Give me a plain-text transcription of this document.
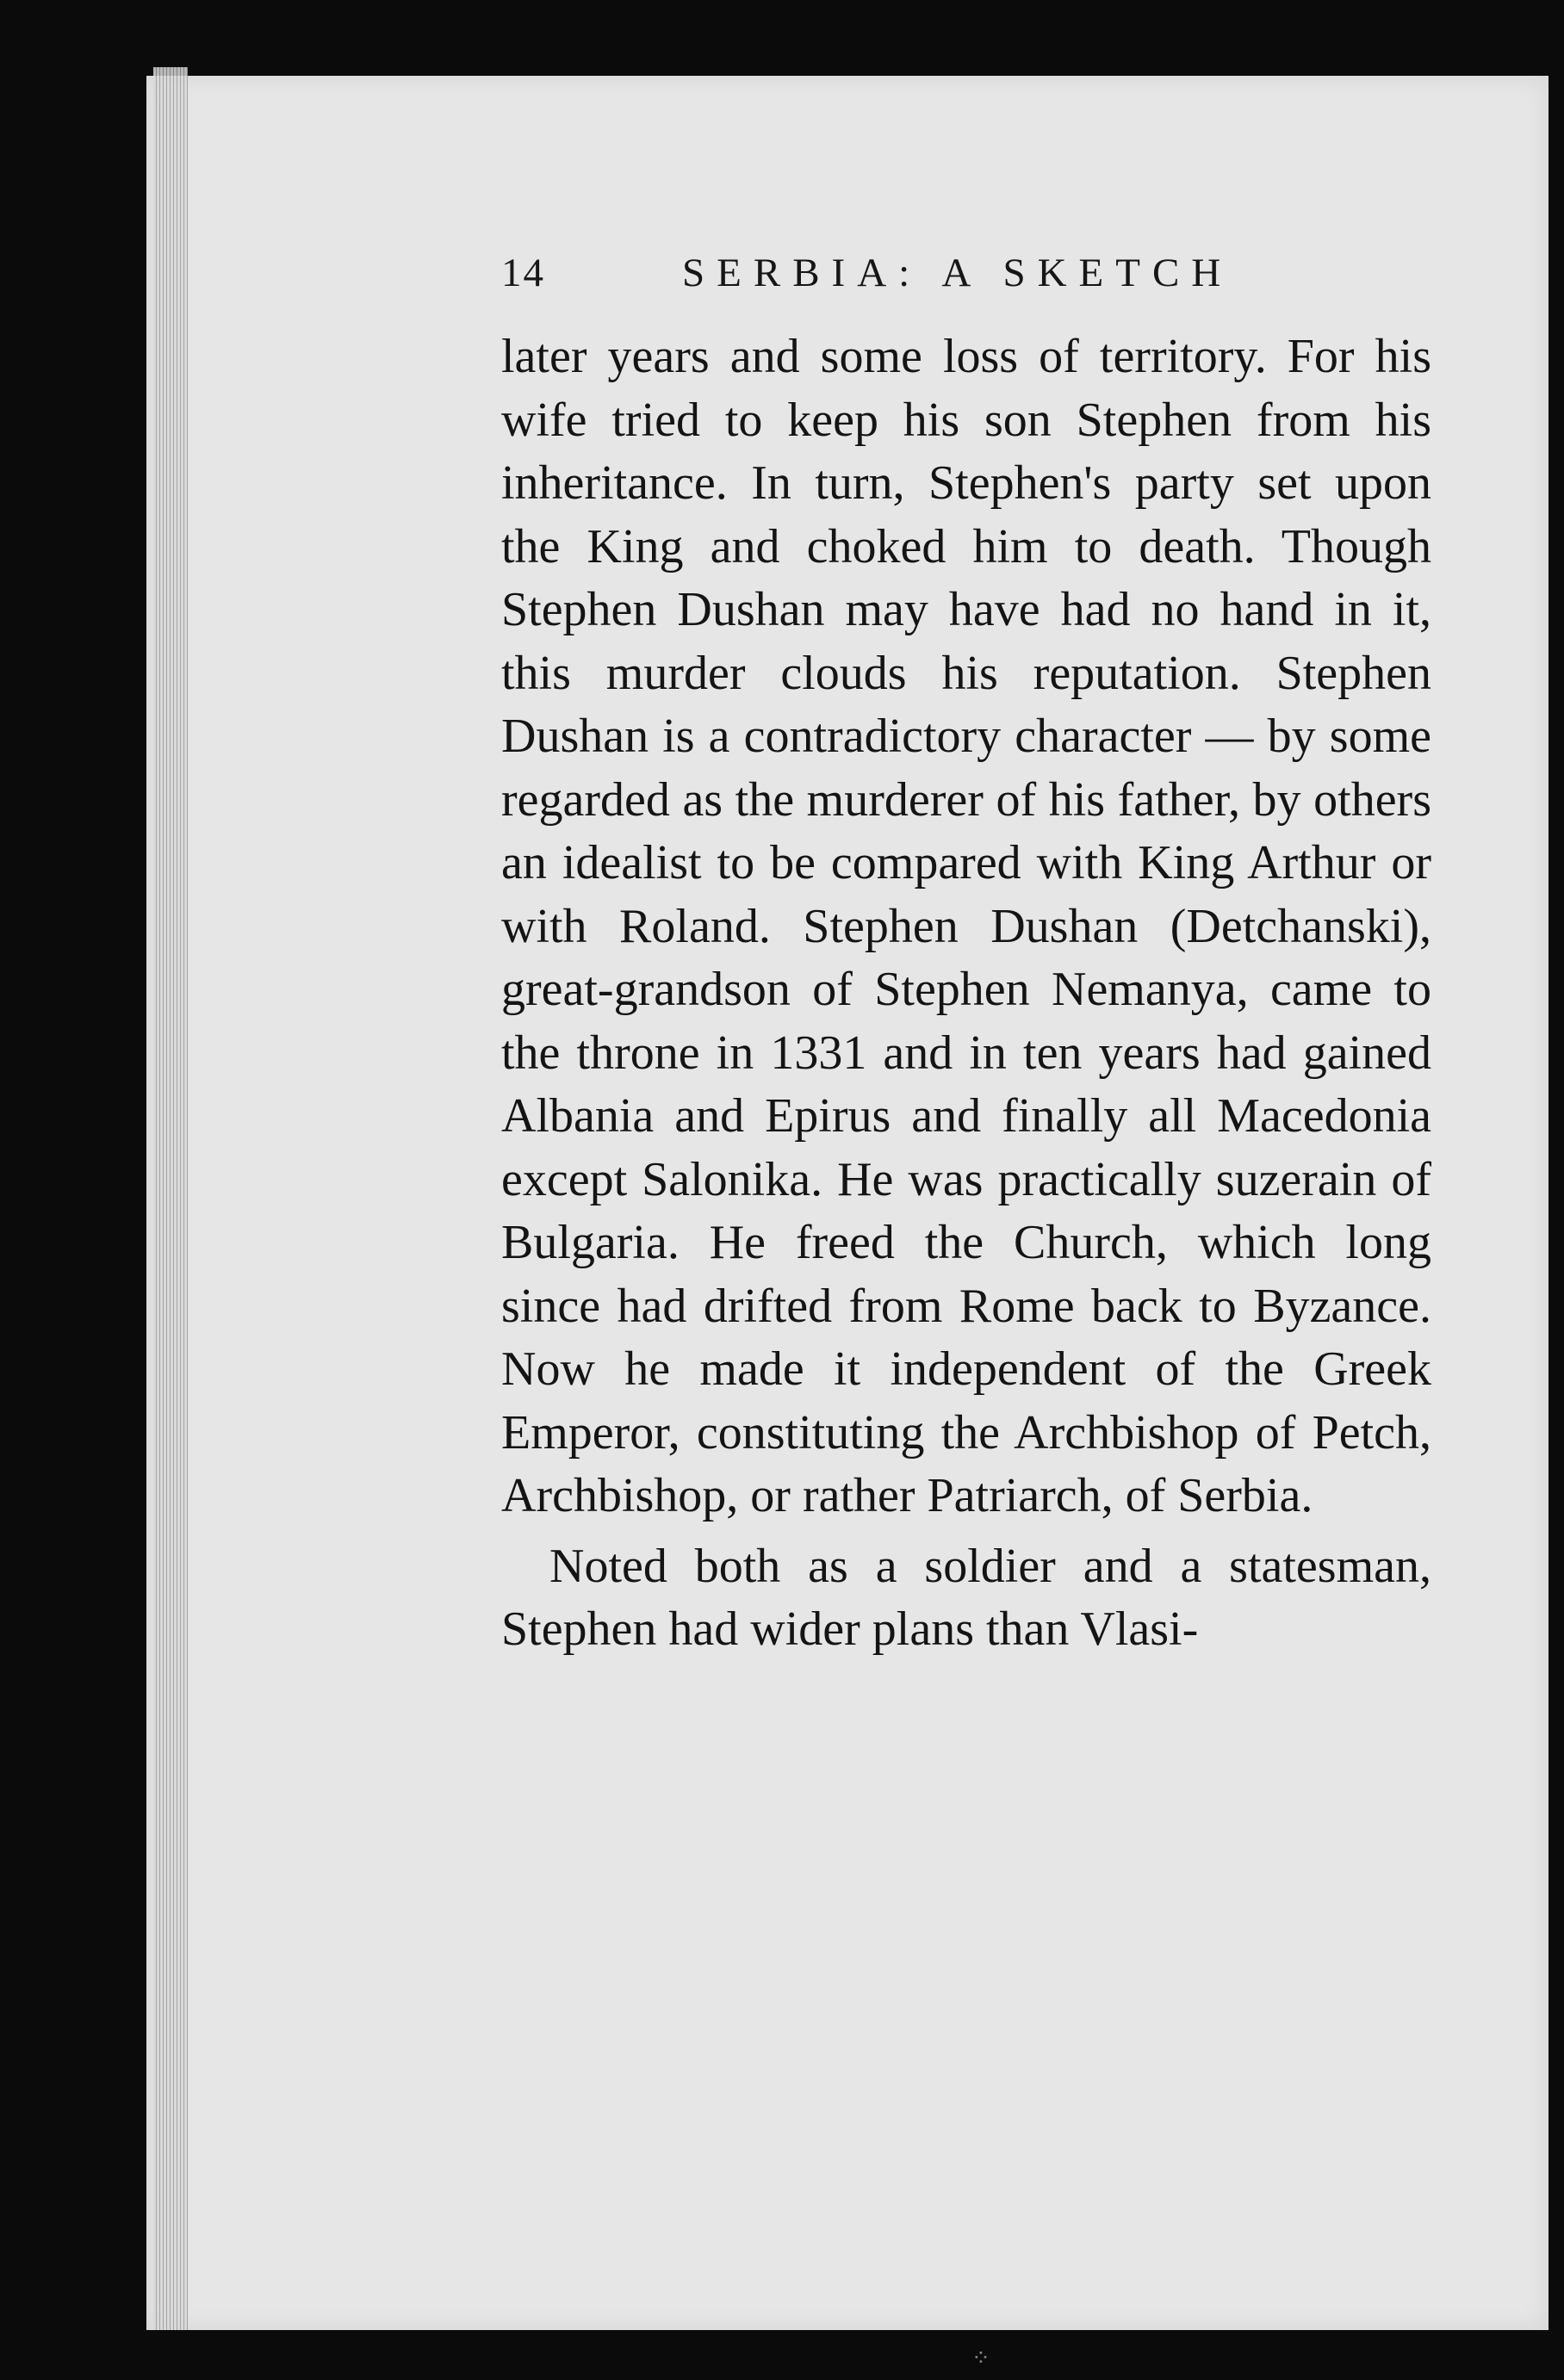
14	SERBIA: A SKETCH

later years and some loss of territory. For his wife tried to keep his son Stephen from his inheritance. In turn, Stephen's party set upon the King and choked him to death. Though Stephen Dushan may have had no hand in it, this murder clouds his reputation. Stephen Dushan is a contradictory character — by some regarded as the murderer of his father, by others an idealist to be compared with King Arthur or with Roland. Stephen Dushan (Detchanski), great-grandson of Stephen Nemanya, came to the throne in 1331 and in ten years had gained Albania and Epirus and finally all Macedonia except Salonika. He was practically suzerain of Bulgaria. He freed the Church, which long since had drifted from Rome back to Byzance. Now he made it independent of the Greek Emperor, constituting the Archbishop of Petch, Archbishop, or rather Patriarch, of Serbia.

Noted both as a soldier and a statesman, Stephen had wider plans than Vlasi-

⁘
